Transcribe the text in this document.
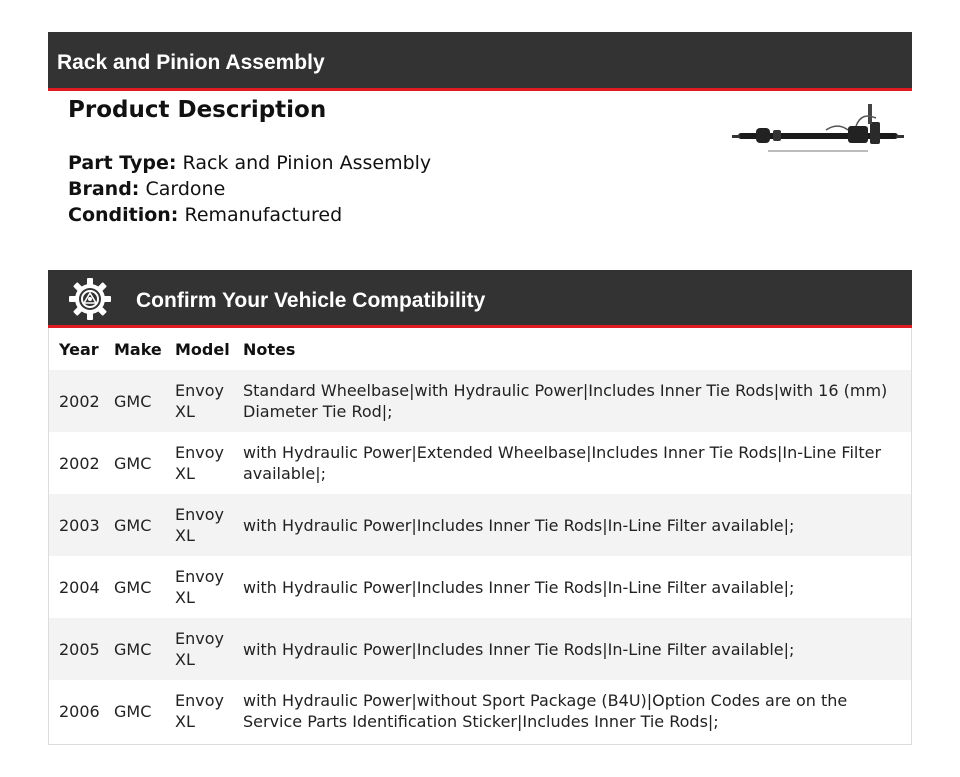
Rack and Pinion Assembly
Product Description
Part Type: Rack and Pinion Assembly
Brand: Cardone
Condition: Remanufactured
Confirm Your Vehicle Compatibility
Year	Make	Model	Notes
2002	GMC	Envoy XL	Standard Wheelbase|with Hydraulic Power|Includes Inner Tie Rods|with 16 (mm) Diameter Tie Rod|;
2002	GMC	Envoy XL	with Hydraulic Power|Extended Wheelbase|Includes Inner Tie Rods|In-Line Filter available|;
2003	GMC	Envoy XL	with Hydraulic Power|Includes Inner Tie Rods|In-Line Filter available|;
2004	GMC	Envoy XL	with Hydraulic Power|Includes Inner Tie Rods|In-Line Filter available|;
2005	GMC	Envoy XL	with Hydraulic Power|Includes Inner Tie Rods|In-Line Filter available|;
2006	GMC	Envoy XL	with Hydraulic Power|without Sport Package (B4U)|Option Codes are on the Service Parts Identification Sticker|Includes Inner Tie Rods|;
